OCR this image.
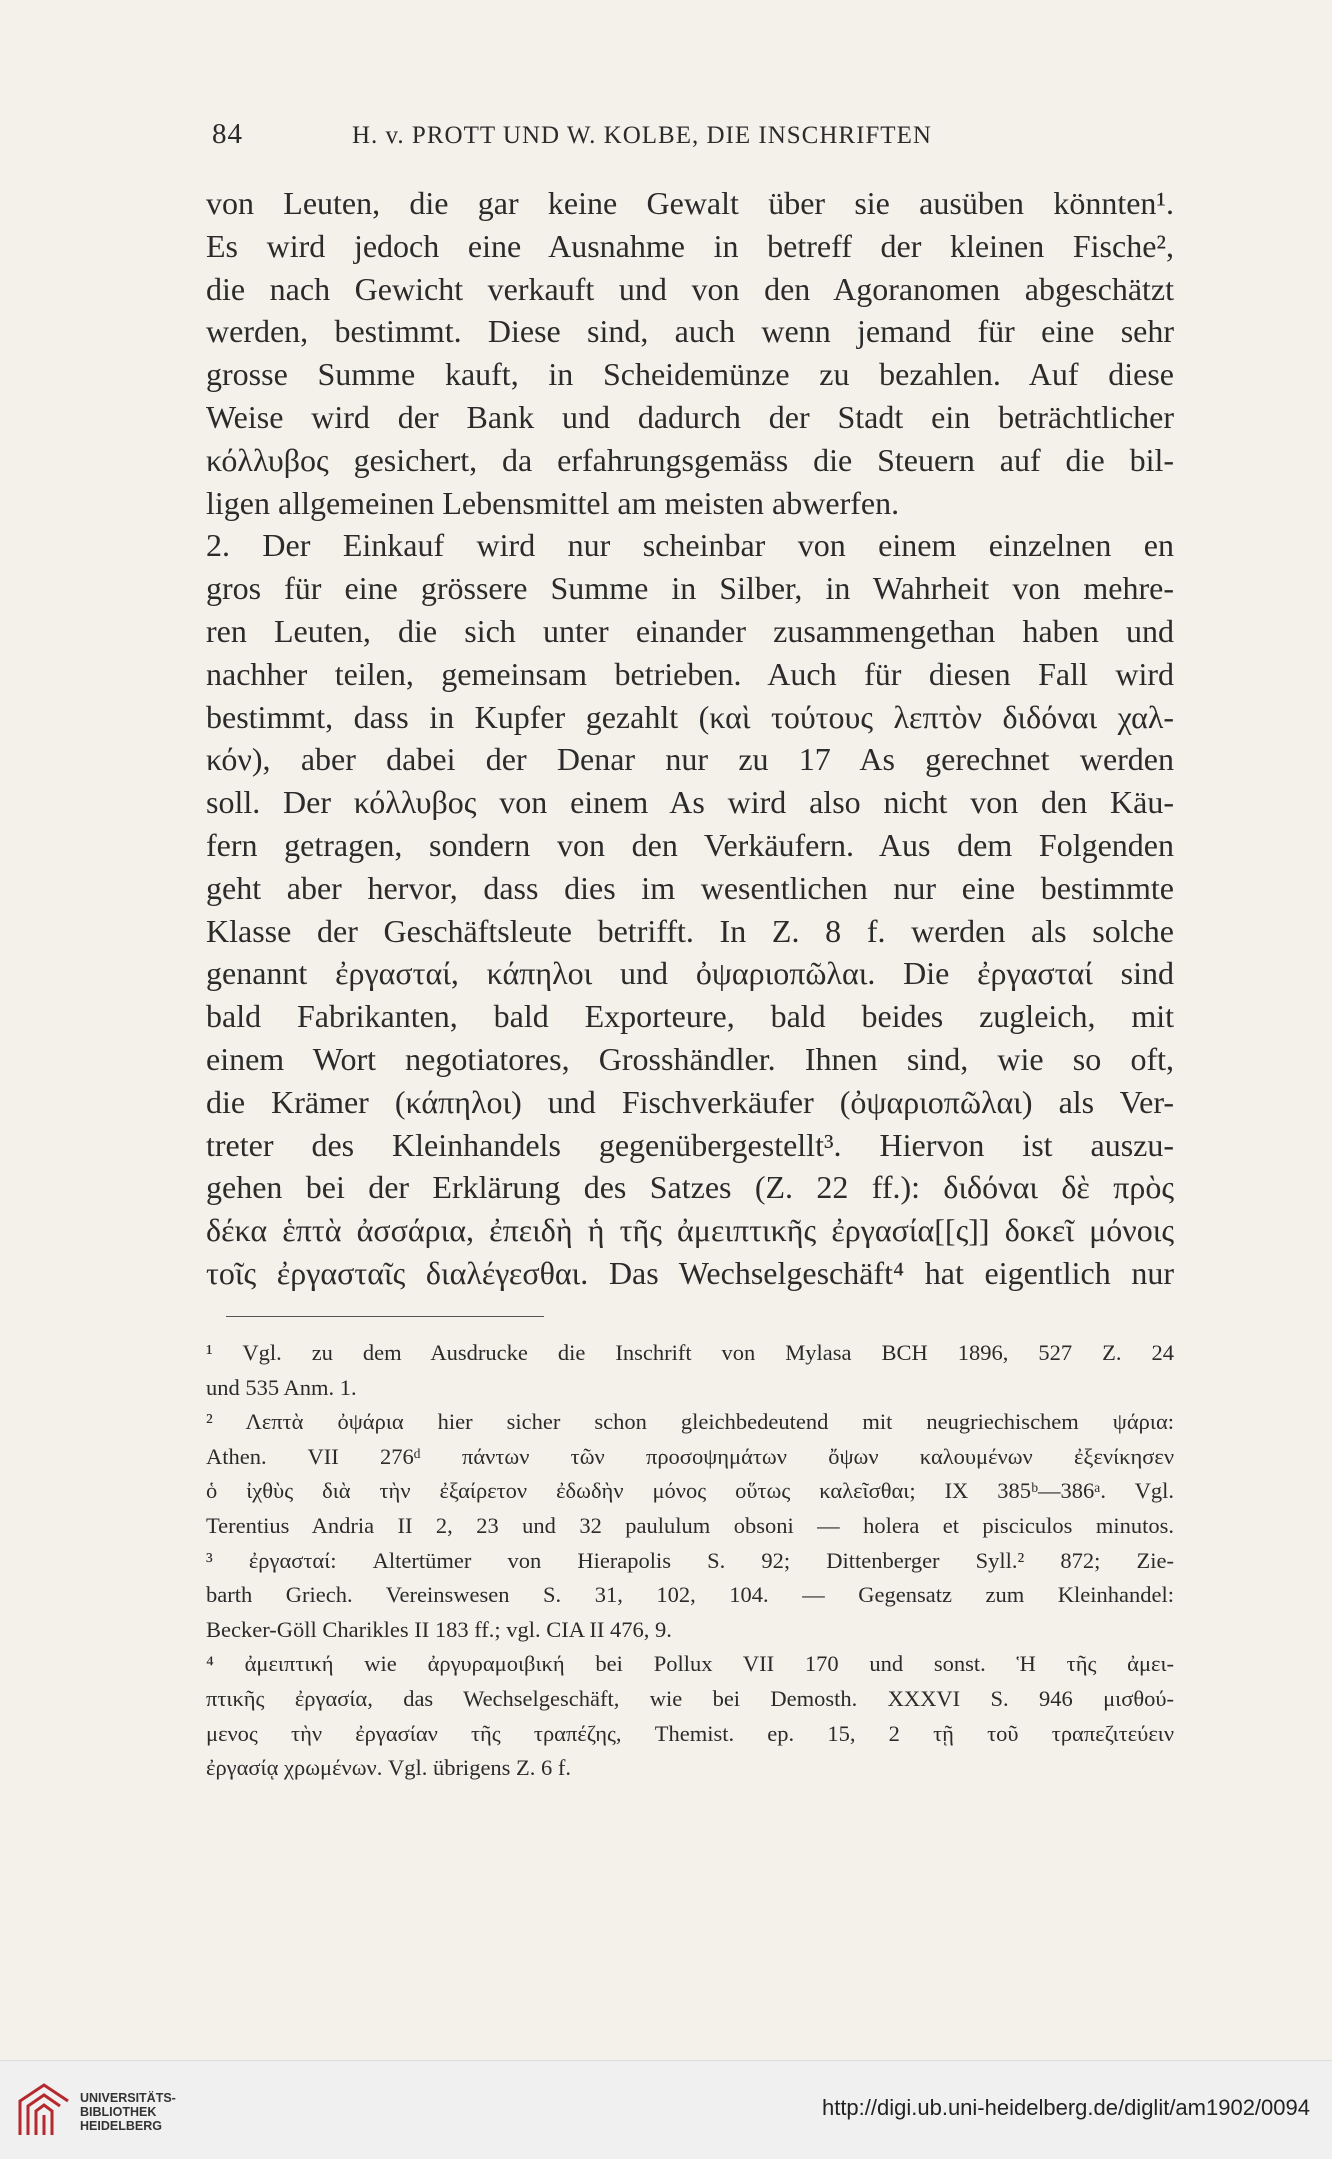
84	H. v. PROTT UND W. KOLBE, DIE INSCHRIFTEN
von Leuten, die gar keine Gewalt über sie ausüben könnten¹.
Es wird jedoch eine Ausnahme in betreff der kleinen Fische²,
die nach Gewicht verkauft und von den Agoranomen abgeschätzt
werden, bestimmt. Diese sind, auch wenn jemand für eine sehr
grosse Summe kauft, in Scheidemünze zu bezahlen. Auf diese
Weise wird der Bank und dadurch der Stadt ein beträchtlicher
κόλλυβος gesichert, da erfahrungsgemäss die Steuern auf die bil-
ligen allgemeinen Lebensmittel am meisten abwerfen.
2. Der Einkauf wird nur scheinbar von einem einzelnen en
gros für eine grössere Summe in Silber, in Wahrheit von mehre-
ren Leuten, die sich unter einander zusammengethan haben und
nachher teilen, gemeinsam betrieben. Auch für diesen Fall wird
bestimmt, dass in Kupfer gezahlt (καὶ τούτους λεπτὸν διδόναι χαλ-
κόν), aber dabei der Denar nur zu 17 As gerechnet werden
soll. Der κόλλυβος von einem As wird also nicht von den Käu-
fern getragen, sondern von den Verkäufern. Aus dem Folgenden
geht aber hervor, dass dies im wesentlichen nur eine bestimmte
Klasse der Geschäftsleute betrifft. In Z. 8 f. werden als solche
genannt ἐργασταί, κάπηλοι und ὀψαριοπῶλαι. Die ἐργασταί sind
bald Fabrikanten, bald Exporteure, bald beides zugleich, mit
einem Wort negotiatores, Grosshändler. Ihnen sind, wie so oft,
die Krämer (κάπηλοι) und Fischverkäufer (ὀψαριοπῶλαι) als Ver-
treter des Kleinhandels gegenübergestellt³. Hiervon ist auszu-
gehen bei der Erklärung des Satzes (Z. 22 ff.): διδόναι δὲ πρὸς
δέκα ἑπτὰ ἀσσάρια, ἐπειδὴ ἡ τῆς ἀμειπτικῆς ἐργασία[[ς]] δοκεῖ μόνοις
τοῖς ἐργασταῖς διαλέγεσθαι. Das Wechselgeschäft⁴ hat eigentlich nur
¹ Vgl. zu dem Ausdrucke die Inschrift von Mylasa BCH 1896, 527 Z. 24
und 535 Anm. 1.
² Λεπτὰ ὀψάρια hier sicher schon gleichbedeutend mit neugriechischem ψάρια:
Athen. VII 276ᵈ πάντων τῶν προσοψημάτων ὄψων καλουμένων ἐξενίκησεν
ὁ ἰχθὺς διὰ τὴν ἐξαίρετον ἐδωδὴν μόνος οὕτως καλεῖσθαι; IX 385ᵇ—386ᵃ. Vgl.
Terentius Andria II 2, 23 und 32 paululum obsoni — holera et pisciculos minutos.
³ ἐργασταί: Altertümer von Hierapolis S. 92; Dittenberger Syll.² 872; Zie-
barth Griech. Vereinswesen S. 31, 102, 104. — Gegensatz zum Kleinhandel:
Becker-Göll Charikles II 183 ff.; vgl. CIA II 476, 9.
⁴ ἀμειπτική wie ἀργυραμοιβική bei Pollux VII 170 und sonst. Ἡ τῆς ἀμει-
πτικῆς ἐργασία, das Wechselgeschäft, wie bei Demosth. XXXVI S. 946 μισθού-
μενος τὴν ἐργασίαν τῆς τραπέζης, Themist. ep. 15, 2 τῇ τοῦ τραπεζιτεύειν
ἐργασίᾳ χρωμένων. Vgl. übrigens Z. 6 f.
UNIVERSITÄTS-
BIBLIOTHEK
HEIDELBERG
http://digi.ub.uni-heidelberg.de/diglit/am1902/0094
